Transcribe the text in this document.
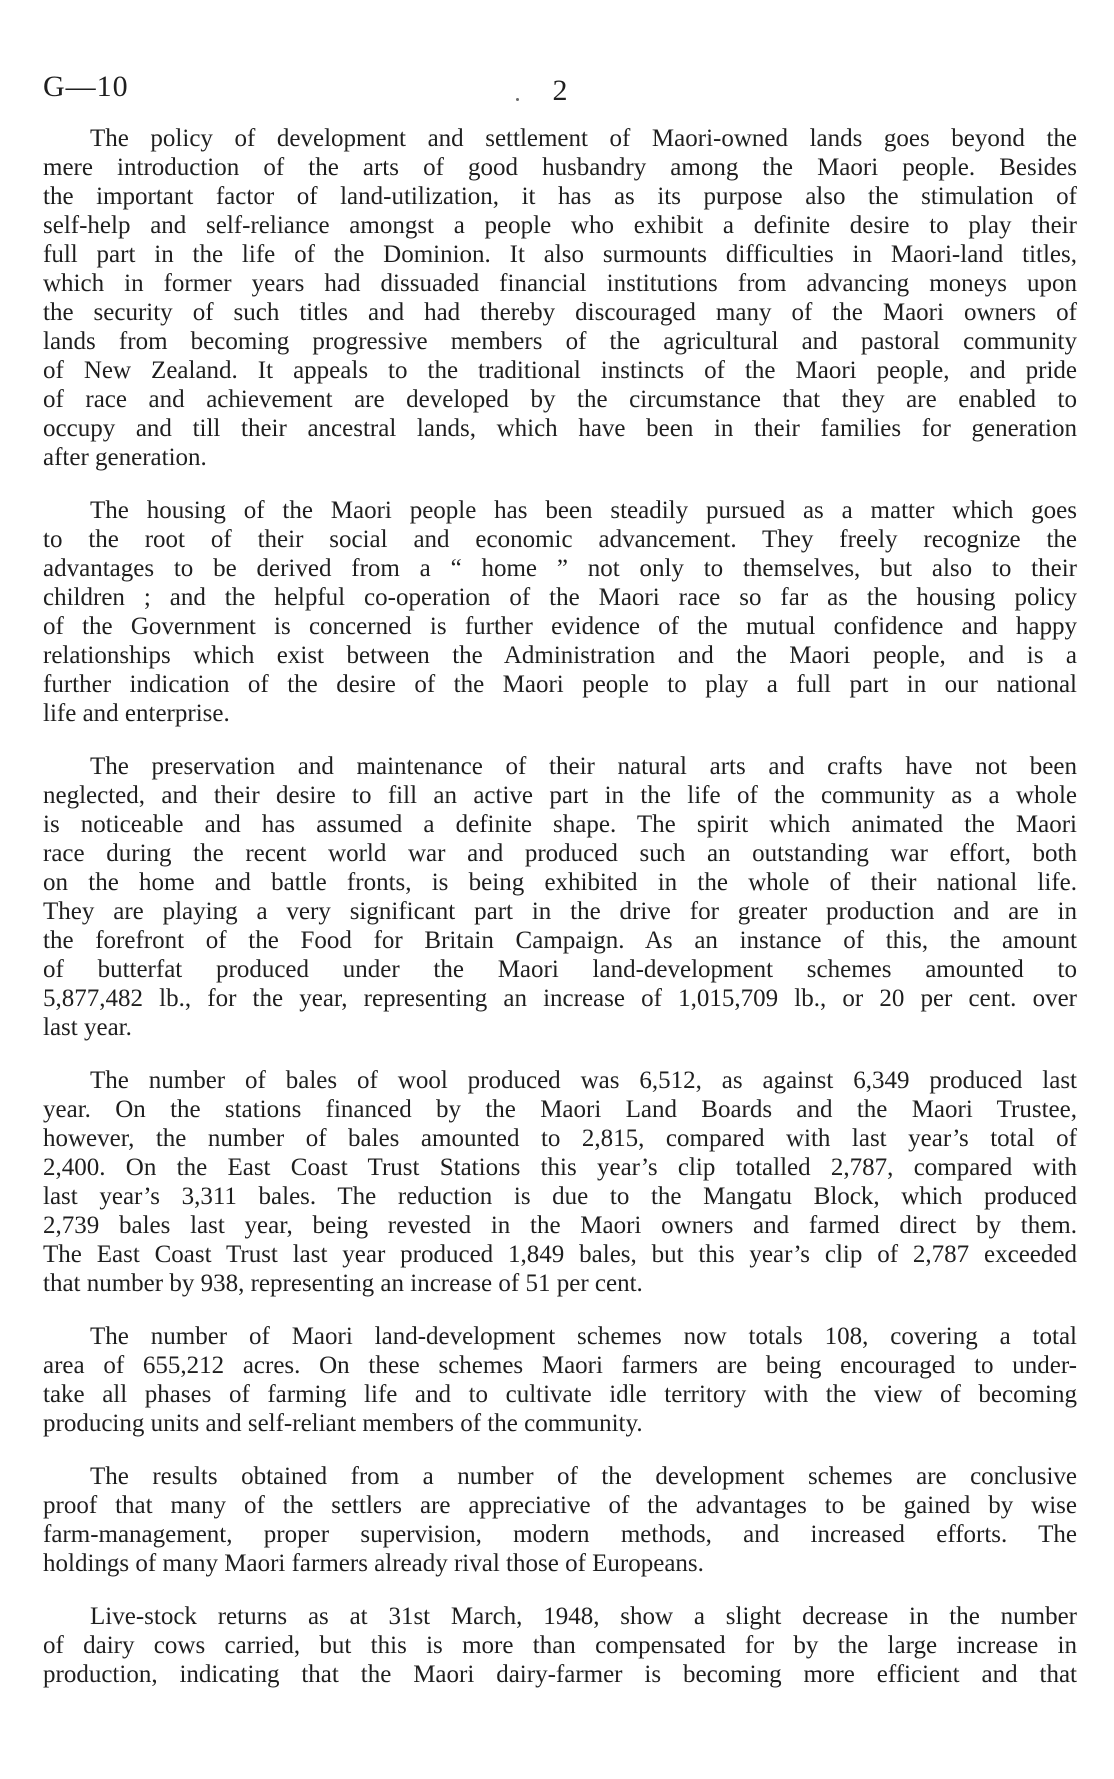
G—10	2

The policy of development and settlement of Maori-owned lands goes beyond the
mere introduction of the arts of good husbandry among the Maori people. Besides
the important factor of land-utilization, it has as its purpose also the stimulation of
self-help and self-reliance amongst a people who exhibit a definite desire to play their
full part in the life of the Dominion. It also surmounts difficulties in Maori-land titles,
which in former years had dissuaded financial institutions from advancing moneys upon
the security of such titles and had thereby discouraged many of the Maori owners of
lands from becoming progressive members of the agricultural and pastoral community
of New Zealand. It appeals to the traditional instincts of the Maori people, and pride
of race and achievement are developed by the circumstance that they are enabled to
occupy and till their ancestral lands, which have been in their families for generation
after generation.

The housing of the Maori people has been steadily pursued as a matter which goes
to the root of their social and economic advancement. They freely recognize the
advantages to be derived from a “ home ” not only to themselves, but also to their
children ; and the helpful co-operation of the Maori race so far as the housing policy
of the Government is concerned is further evidence of the mutual confidence and happy
relationships which exist between the Administration and the Maori people, and is a
further indication of the desire of the Maori people to play a full part in our national
life and enterprise.

The preservation and maintenance of their natural arts and crafts have not been
neglected, and their desire to fill an active part in the life of the community as a whole
is noticeable and has assumed a definite shape. The spirit which animated the Maori
race during the recent world war and produced such an outstanding war effort, both
on the home and battle fronts, is being exhibited in the whole of their national life.
They are playing a very significant part in the drive for greater production and are in
the forefront of the Food for Britain Campaign. As an instance of this, the amount
of butterfat produced under the Maori land-development schemes amounted to
5,877,482 lb., for the year, representing an increase of 1,015,709 lb., or 20 per cent. over
last year.

The number of bales of wool produced was 6,512, as against 6,349 produced last
year. On the stations financed by the Maori Land Boards and the Maori Trustee,
however, the number of bales amounted to 2,815, compared with last year’s total of
2,400. On the East Coast Trust Stations this year’s clip totalled 2,787, compared with
last year’s 3,311 bales. The reduction is due to the Mangatu Block, which produced
2,739 bales last year, being revested in the Maori owners and farmed direct by them.
The East Coast Trust last year produced 1,849 bales, but this year’s clip of 2,787 exceeded
that number by 938, representing an increase of 51 per cent.

The number of Maori land-development schemes now totals 108, covering a total
area of 655,212 acres. On these schemes Maori farmers are being encouraged to under-
take all phases of farming life and to cultivate idle territory with the view of becoming
producing units and self-reliant members of the community.

The results obtained from a number of the development schemes are conclusive
proof that many of the settlers are appreciative of the advantages to be gained by wise
farm-management, proper supervision, modern methods, and increased efforts. The
holdings of many Maori farmers already rival those of Europeans.

Live-stock returns as at 31st March, 1948, show a slight decrease in the number
of dairy cows carried, but this is more than compensated for by the large increase in
production, indicating that the Maori dairy-farmer is becoming more efficient and that
